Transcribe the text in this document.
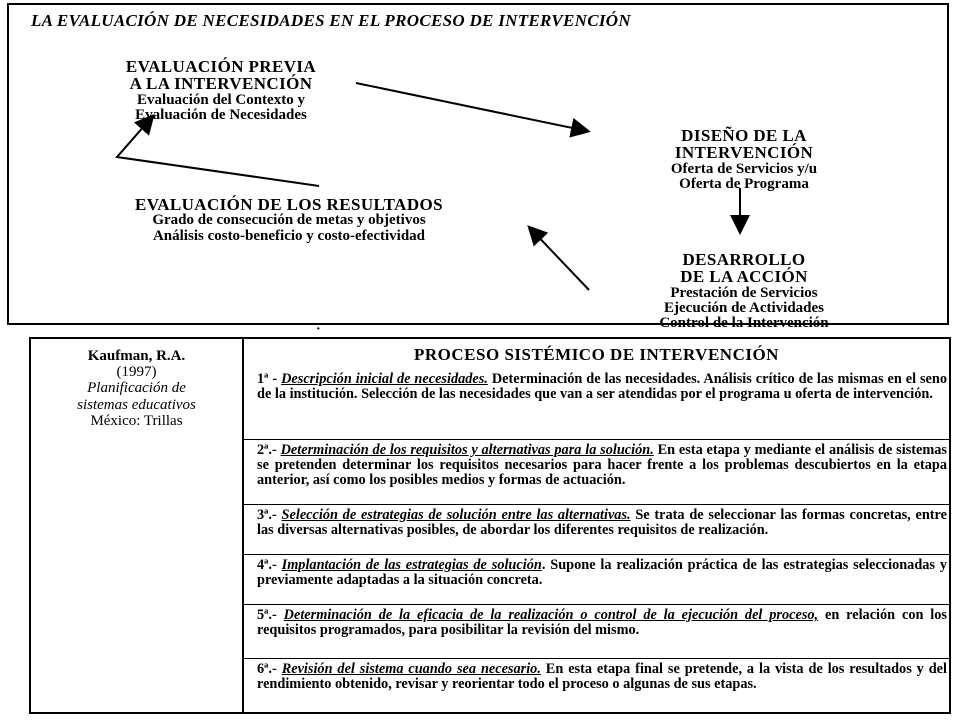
LA EVALUACIÓN DE NECESIDADES EN EL PROCESO DE INTERVENCIÓN
EVALUACIÓN PREVIA
A LA INTERVENCIÓN
Evaluación del Contexto y
Evaluación de Necesidades
DISEÑO DE LA
INTERVENCIÓN
Oferta de Servicios y/u
Oferta de Programa
DESARROLLO
DE LA ACCIÓN
Prestación de Servicios
Ejecución de Actividades
Control de la Intervención
EVALUACIÓN DE LOS RESULTADOS
Grado de consecución de metas y objetivos
Análisis costo-beneficio y costo-efectividad
·
Kaufman, R.A.
(1997)
Planificación de
sistemas educativos
México: Trillas
PROCESO SISTÉMICO DE INTERVENCIÓN
1ª - Descripción inicial de necesidades. Determinación de las necesidades. Análisis crítico de las mismas en el seno de la institución. Selección de las necesidades que van a ser atendidas por el programa u oferta de intervención.
2ª.- Determinación de los requisitos y alternativas para la solución. En esta etapa y mediante el análisis de sistemas se pretenden determinar los requisitos necesarios para hacer frente a los problemas descubiertos en la etapa anterior, así como los posibles medios y formas de actuación.
3ª.- Selección de estrategias de solución entre las alternativas. Se trata de seleccionar las formas concretas, entre las diversas alternativas posibles, de abordar los diferentes requisitos de realización.
4ª.- Implantación de las estrategias de solución. Supone la realización práctica de las estrategias seleccionadas y previamente adaptadas a la situación concreta.
5ª.- Determinación de la eficacia de la realización o control de la ejecución del proceso, en relación con los requisitos programados, para posibilitar la revisión del mismo.
6ª.- Revisión del sistema cuando sea necesario. En esta etapa final se pretende, a la vista de los resultados y del rendimiento obtenido, revisar y reorientar todo el proceso o algunas de sus etapas.
